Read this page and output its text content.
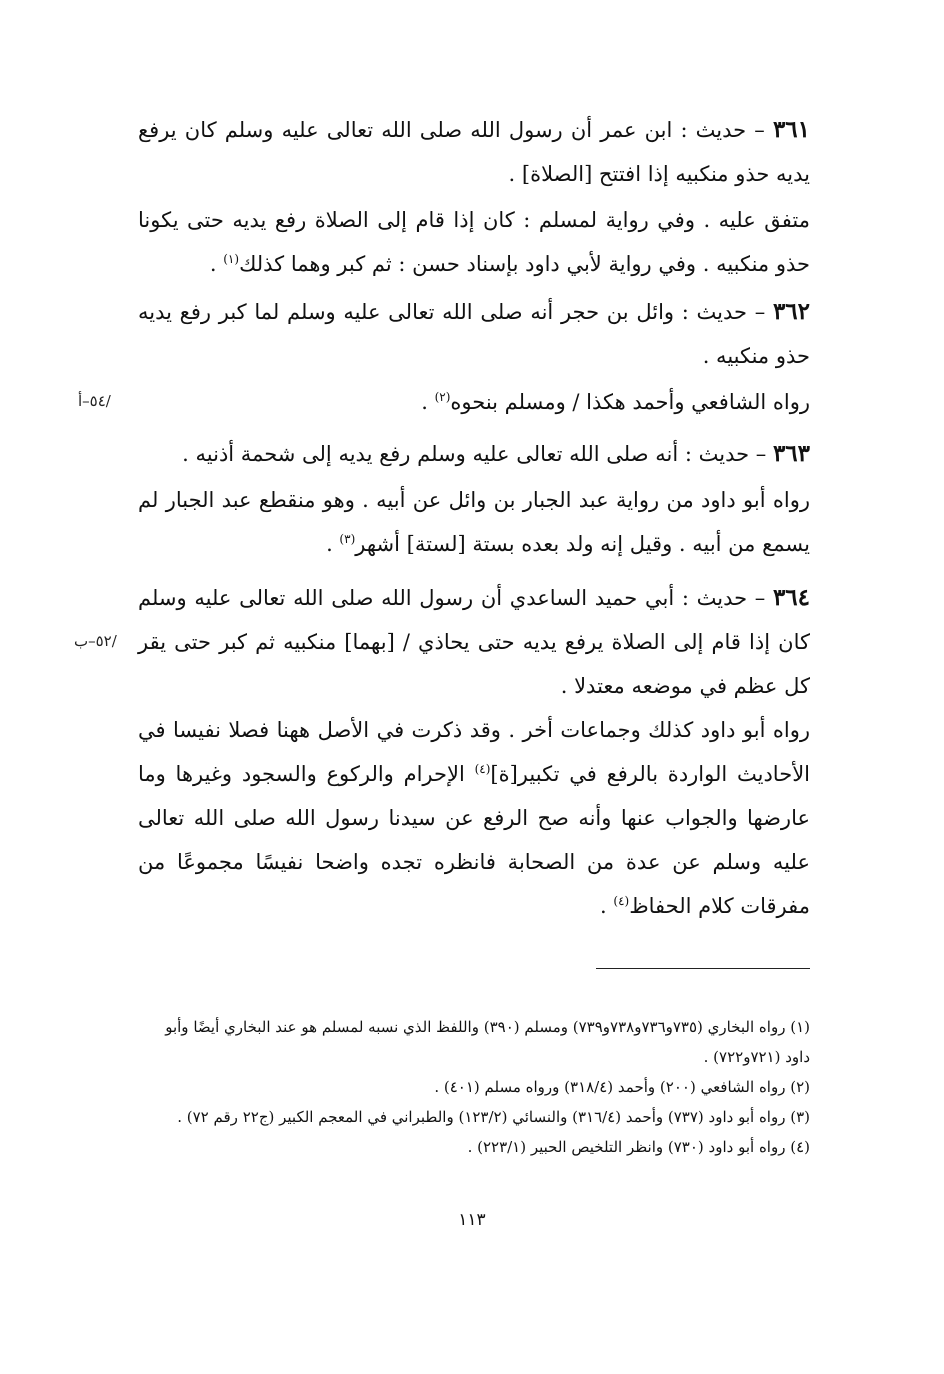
٣٦١ – حديث : ابن عمر أن رسول الله صلى الله تعالى عليه وسلم كان يرفع يديه حذو منكبيه إذا افتتح [الصلاة] .
متفق عليه . وفي رواية لمسلم : كان إذا قام إلى الصلاة رفع يديه حتى يكونا حذو منكبيه . وفي رواية لأبي داود بإسناد حسن : ثم كبر وهما كذلك$^{(١)}$ .
٣٦٢ – حديث : وائل بن حجر أنه صلى الله تعالى عليه وسلم لما كبر رفع يديه حذو منكبيه .
رواه الشافعي وأحمد هكذا / ومسلم بنحوه$^{(٢)}$ .
/٥٤–أ
٣٦٣ – حديث : أنه صلى الله تعالى عليه وسلم رفع يديه إلى شحمة أذنيه .
رواه أبو داود من رواية عبد الجبار بن وائل عن أبيه . وهو منقطع عبد الجبار لم يسمع من أبيه . وقيل إنه ولد بعده بستة [لستة] أشهر$^{(٣)}$ .
٣٦٤ – حديث : أبي حميد الساعدي أن رسول الله صلى الله تعالى عليه وسلم كان إذا قام إلى الصلاة يرفع يديه حتى يحاذي / [بهما] منكبيه ثم كبر حتى يقر كل عظم في موضعه معتدلا .
/٥٢–ب
رواه أبو داود كذلك وجماعات أخر . وقد ذكرت في الأصل ههنا فصلا نفيسا في الأحاديث الواردة بالرفع في تكبير[ة]$^{(٤)}$ الإحرام والركوع والسجود وغيرها وما عارضها والجواب عنها وأنه صح الرفع عن سيدنا رسول الله صلى الله تعالى عليه وسلم عن عدة من الصحابة فانظره تجده واضحا نفيسًا مجموعًا من مفرقات كلام الحفاظ$^{(٤)}$ .

(١) رواه البخاري (٧٣٥و٧٣٦و٧٣٨و٧٣٩) ومسلم (٣٩٠) واللفظ الذي نسبه لمسلم هو عند البخاري أيضًا وأبو داود (٧٢١و٧٢٢) .

(٢) رواه الشافعي (٢٠٠) وأحمد (٣١٨/٤) ورواه مسلم (٤٠١) .

(٣) رواه أبو داود (٧٣٧) وأحمد (٣١٦/٤) والنسائي (١٢٣/٢) والطبراني في المعجم الكبير (ج٢٢ رقم ٧٢) .

(٤) رواه أبو داود (٧٣٠) وانظر التلخيص الحبير (٢٢٣/١) .

١١٣
